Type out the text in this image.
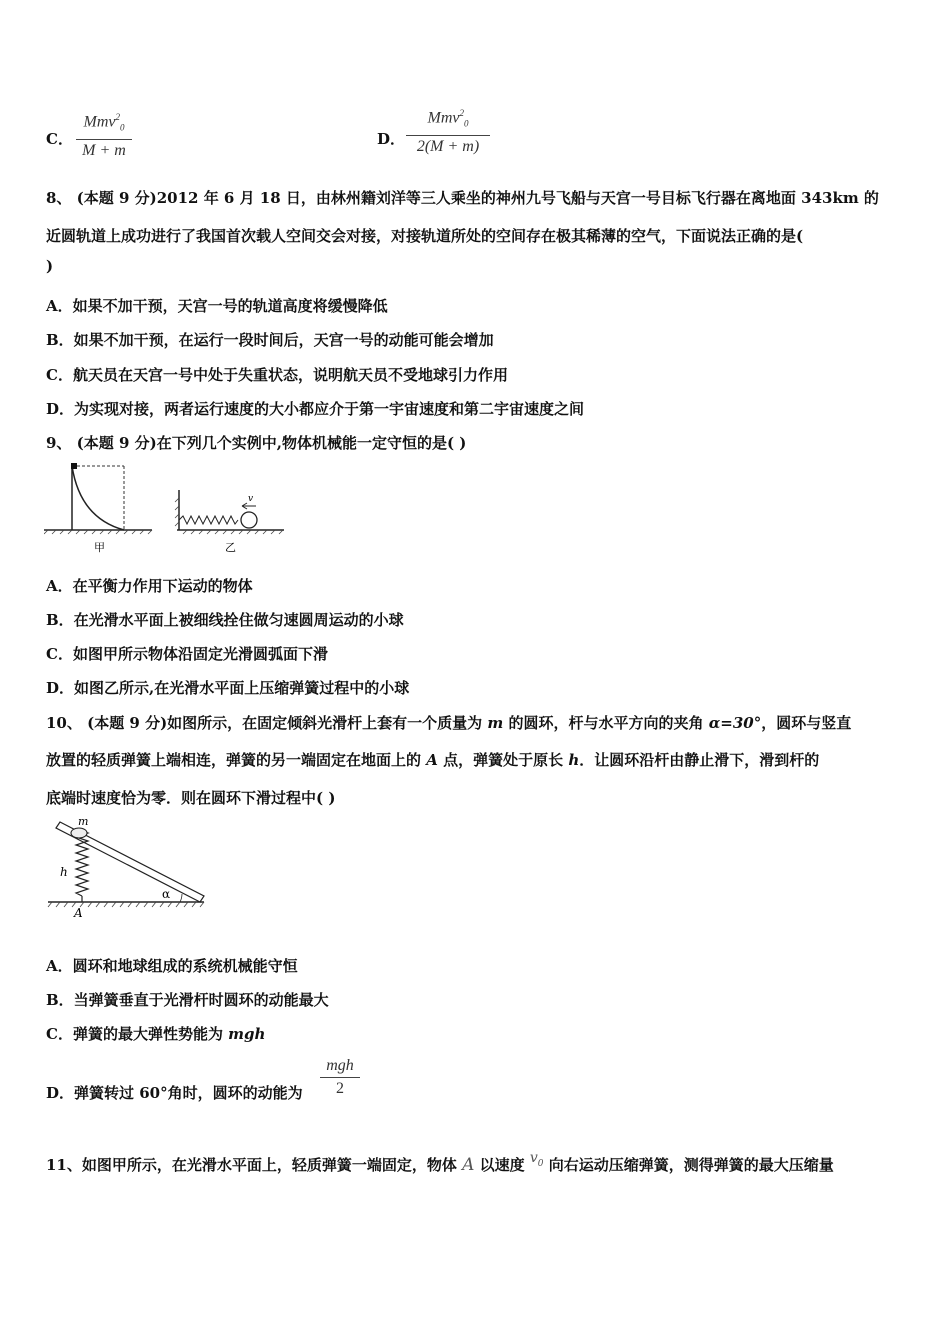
C．
Mmv$^2_0$
M + m
D．
Mmv$^2_0$
2(M + m)
8、 (本题 9 分)2012 年 6 月 18 日，由林州籍刘洋等三人乘坐的神州九号飞船与天宫一号目标飞行器在离地面 343km 的
近圆轨道上成功进行了我国首次载人空间交会对接，对接轨道所处的空间存在极其稀薄的空气，下面说法正确的是(
)
A．如果不加干预，天宫一号的轨道高度将缓慢降低
B．如果不加干预，在运行一段时间后，天宫一号的动能可能会增加
C．航天员在天宫一号中处于失重状态，说明航天员不受地球引力作用
D．为实现对接，两者运行速度的大小都应介于第一宇宙速度和第二宇宙速度之间
9、 (本题 9 分)在下列几个实例中,物体机械能一定守恒的是( )
甲
v
乙
A．在平衡力作用下运动的物体
B．在光滑水平面上被细线拴住做匀速圆周运动的小球
C．如图甲所示物体沿固定光滑圆弧面下滑
D．如图乙所示,在光滑水平面上压缩弹簧过程中的小球
10、 (本题 9 分)如图所示，在固定倾斜光滑杆上套有一个质量为 m 的圆环，杆与水平方向的夹角 α=30°，圆环与竖直
放置的轻质弹簧上端相连，弹簧的另一端固定在地面上的 A 点，弹簧处于原长 h．让圆环沿杆由静止滑下，滑到杆的
底端时速度恰为零．则在圆环下滑过程中( )
m
h
α
A
A．圆环和地球组成的系统机械能守恒
B．当弹簧垂直于光滑杆时圆环的动能最大
C．弹簧的最大弹性势能为 mgh
D．弹簧转过 60°角时，圆环的动能为
mgh
2
11、如图甲所示，在光滑水平面上，轻质弹簧一端固定，物体 A 以速度 $v_0$ 向右运动压缩弹簧，测得弹簧的最大压缩量
